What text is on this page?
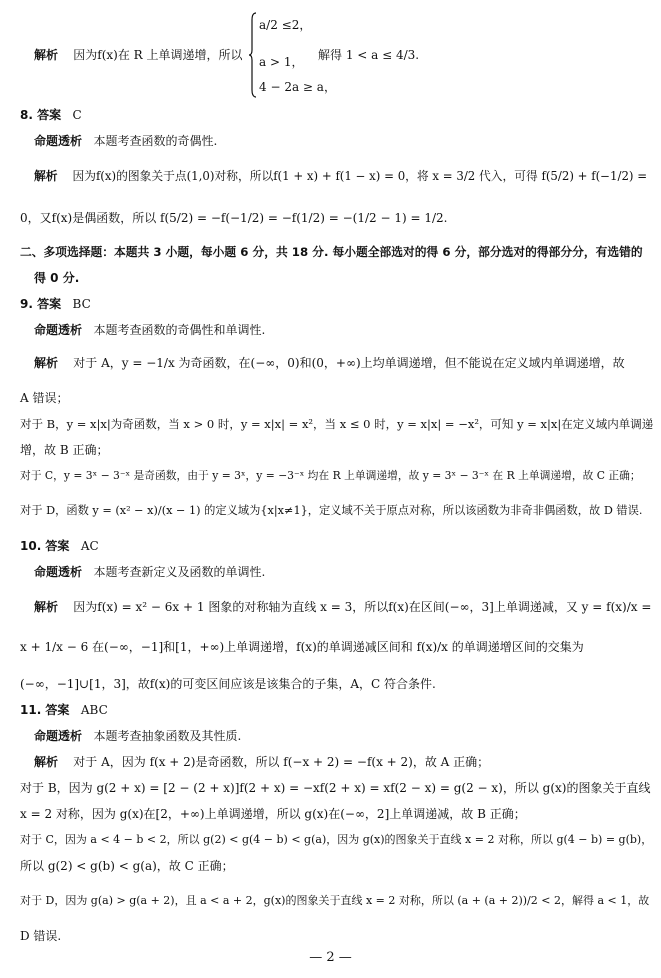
解析 因为f(x)在 R 上单调递增，所以
a/2 ≤2，
a > 1，
4 − 2a ≥ a，
解得 1 < a ≤ 4/3.
8. 答案 C
命题透析 本题考查函数的奇偶性.
解析 因为f(x)的图象关于点(1,0)对称，所以f(1 + x) + f(1 − x) = 0，将 x = 3/2 代入，可得 f(5/2) + f(−1/2) =
0，又f(x)是偶函数，所以 f(5/2) = −f(−1/2) = −f(1/2) = −(1/2 − 1) = 1/2.
二、多项选择题：本题共 3 小题，每小题 6 分，共 18 分. 每小题全部选对的得 6 分，部分选对的得部分分，有选错的
得 0 分.
9. 答案 BC
命题透析 本题考查函数的奇偶性和单调性.
解析 对于 A，y = −1/x 为奇函数，在(−∞，0)和(0，+∞)上均单调递增，但不能说在定义域内单调递增，故
A 错误；
对于 B，y = x|x|为奇函数，当 x > 0 时，y = x|x| = x²，当 x ≤ 0 时，y = x|x| = −x²，可知 y = x|x|在定义域内单调递
增，故 B 正确；
对于 C，y = 3ˣ − 3⁻ˣ 是奇函数，由于 y = 3ˣ，y = −3⁻ˣ 均在 R 上单调递增，故 y = 3ˣ − 3⁻ˣ 在 R 上单调递增，故 C 正确；
对于 D，函数 y = (x² − x)/(x − 1) 的定义域为{x|x≠1}，定义域不关于原点对称，所以该函数为非奇非偶函数，故 D 错误.
10. 答案 AC
命题透析 本题考查新定义及函数的单调性.
解析 因为f(x) = x² − 6x + 1 图象的对称轴为直线 x = 3，所以f(x)在区间(−∞，3]上单调递减，又 y = f(x)/x =
x + 1/x − 6 在(−∞，−1]和[1，+∞)上单调递增，f(x)的单调递减区间和 f(x)/x 的单调递增区间的交集为
(−∞，−1]∪[1，3]，故f(x)的可变区间应该是该集合的子集，A，C 符合条件.
11. 答案 ABC
命题透析 本题考查抽象函数及其性质.
解析 对于 A，因为 f(x + 2)是奇函数，所以 f(−x + 2) = −f(x + 2)，故 A 正确；
对于 B，因为 g(2 + x) = [2 − (2 + x)]f(2 + x) = −xf(2 + x) = xf(2 − x) = g(2 − x)，所以 g(x)的图象关于直线
x = 2 对称，因为 g(x)在[2，+∞)上单调递增，所以 g(x)在(−∞，2]上单调递减，故 B 正确；
对于 C，因为 a < 4 − b < 2，所以 g(2) < g(4 − b) < g(a)，因为 g(x)的图象关于直线 x = 2 对称，所以 g(4 − b) = g(b)，
所以 g(2) < g(b) < g(a)，故 C 正确；
对于 D，因为 g(a) > g(a + 2)，且 a < a + 2，g(x)的图象关于直线 x = 2 对称，所以 (a + (a + 2))/2 < 2，解得 a < 1，故
D 错误.
— 2 —
